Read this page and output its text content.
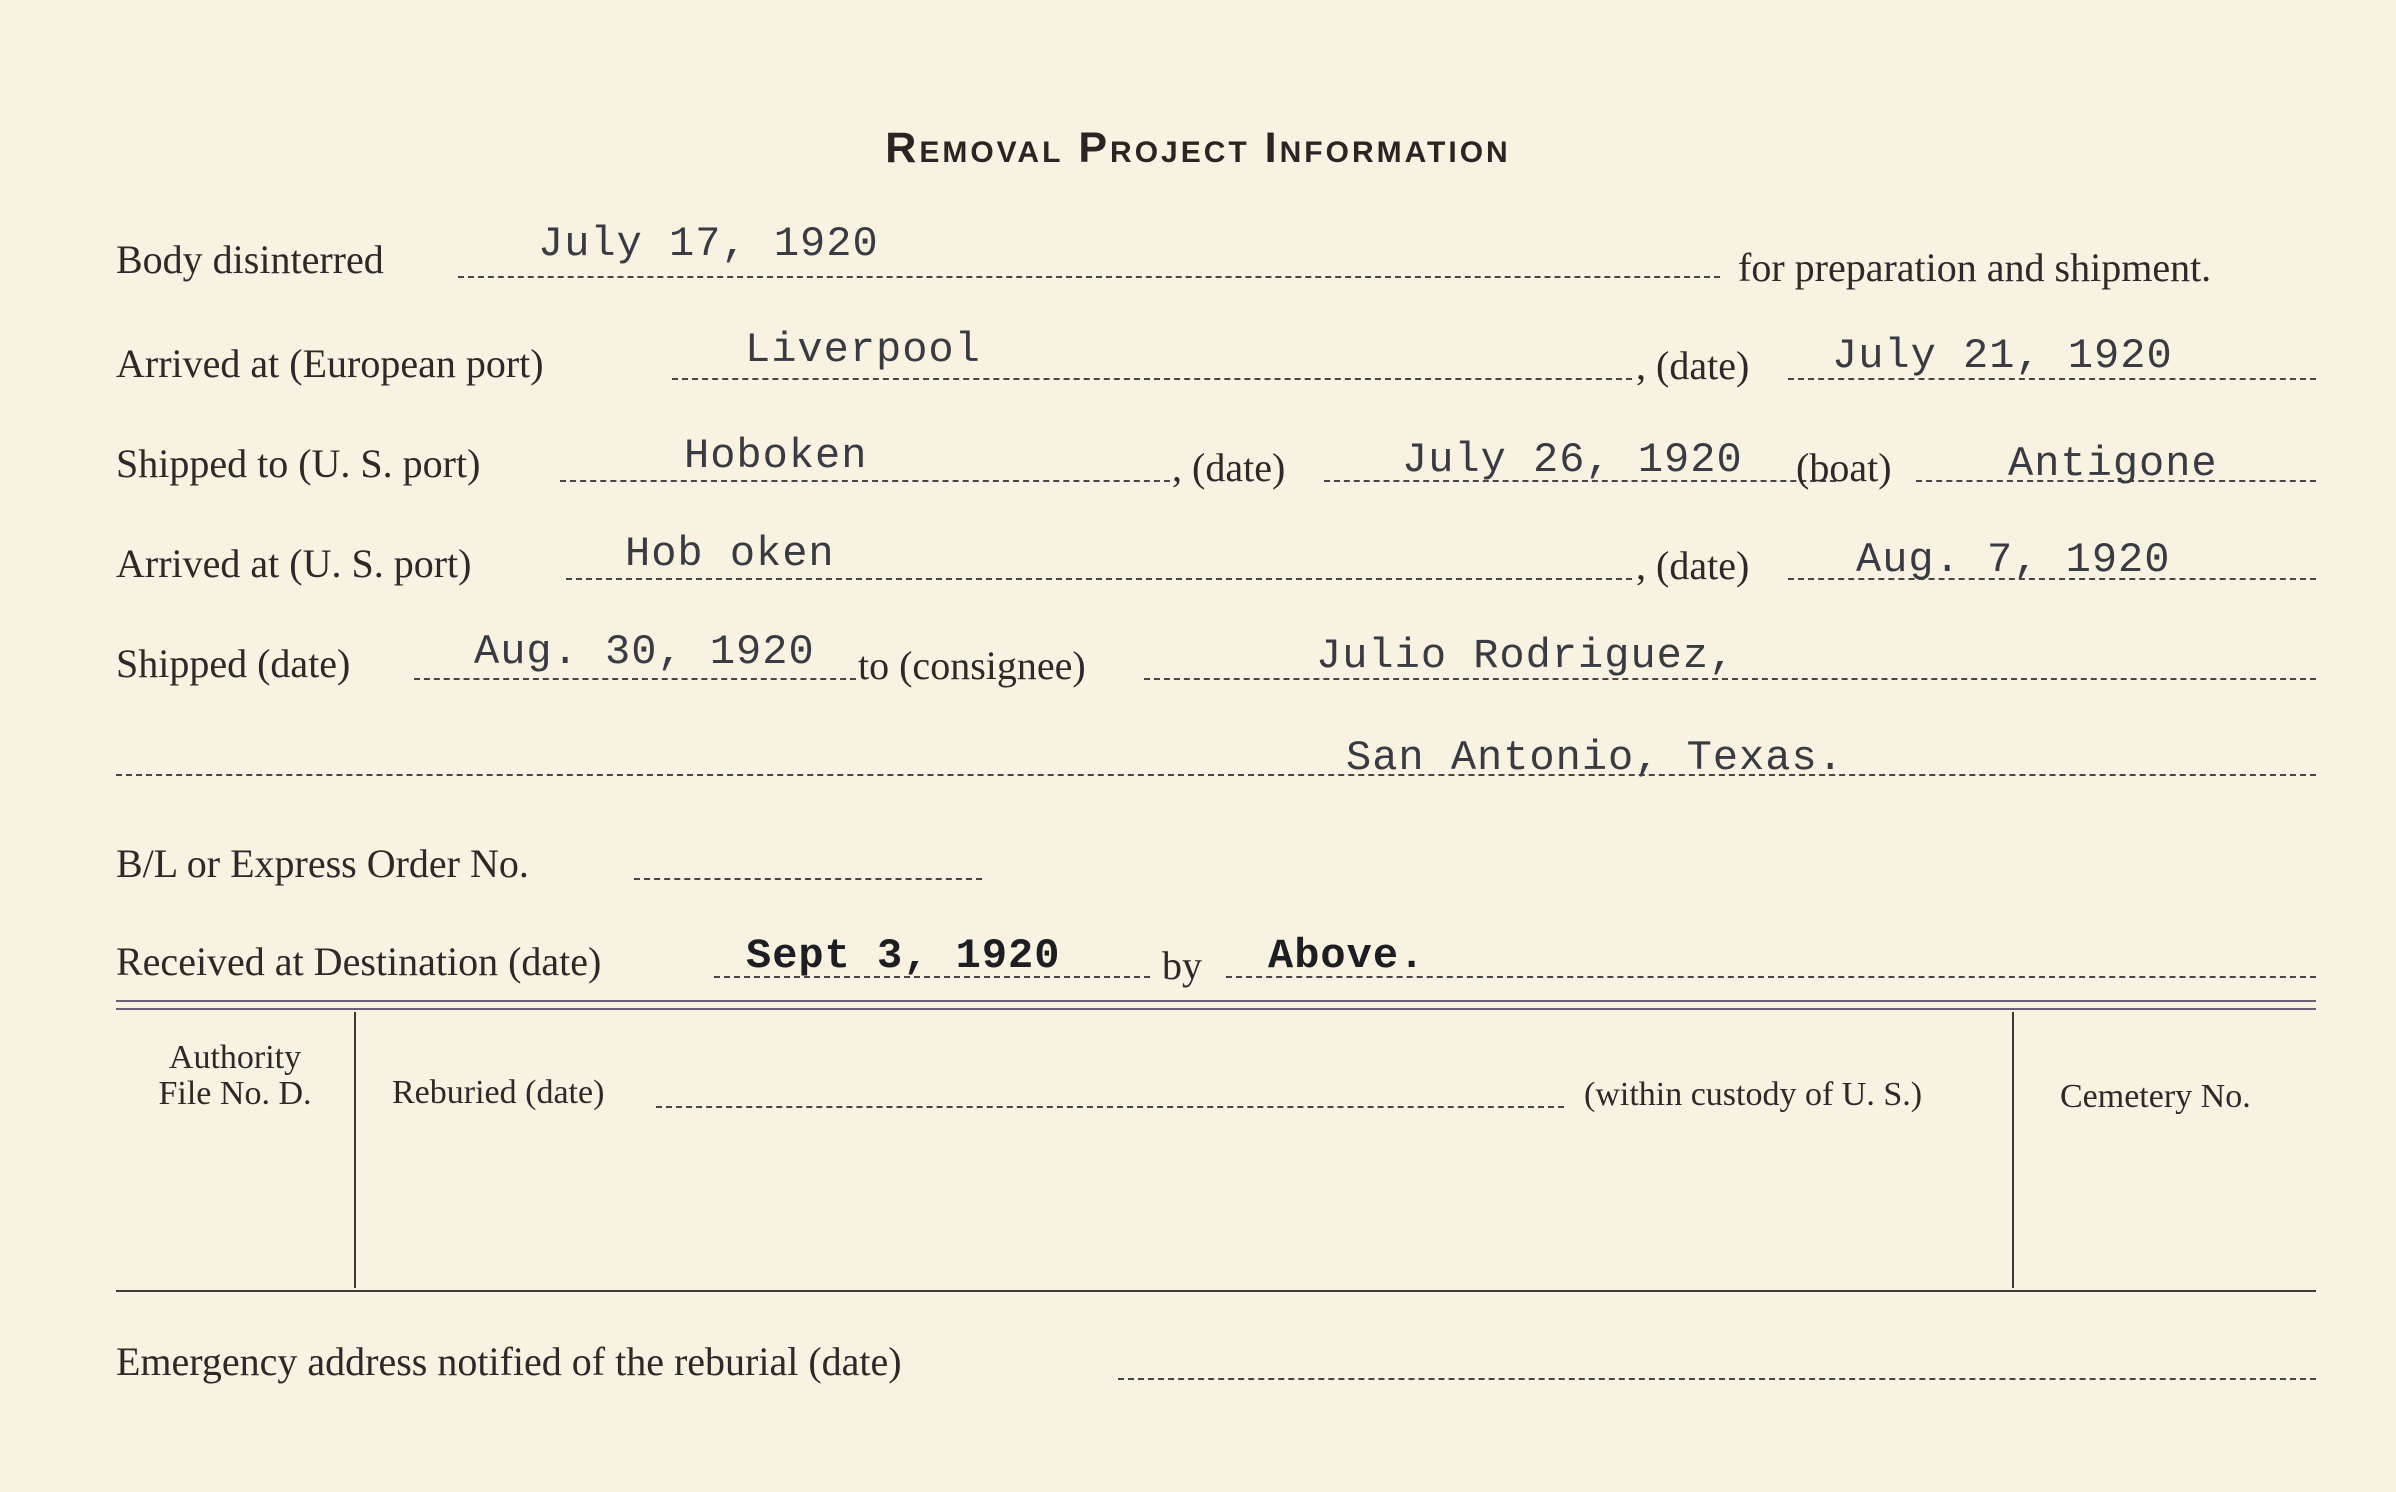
Removal Project Information
Body disinterred	July 17, 1920	for preparation and shipment.
Arrived at (European port)	Liverpool	, (date) July 21, 1920
Shipped to (U. S. port)	Hoboken	, (date)	July 26, 1920 (boat)	Antigone
Arrived at (U. S. port)	Hob oken	, (date)	Aug. 7, 1920
Shipped (date)	Aug. 30, 1920 to (consignee)	Julio Rodriguez,
San Antonio, Texas.
B/L or Express Order No.
Received at Destination (date)	Sept 3, 1920	by Above.
Authority
File No. D.	Reburied (date)	(within custody of U. S.)	Cemetery No.
Emergency address notified of the reburial (date)
